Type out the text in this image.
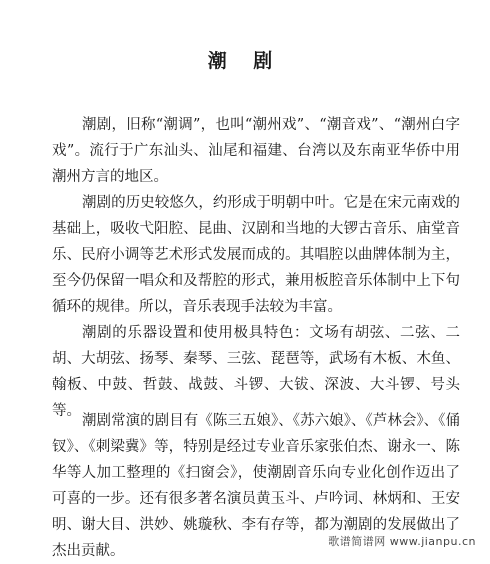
潮 剧
潮剧，旧称“潮调”，也叫“潮州戏”、“潮音戏”、“潮州白字
戏”。流行于广东汕头、汕尾和福建、台湾以及东南亚华侨中用
潮州方言的地区。
潮剧的历史较悠久，约形成于明朝中叶。它是在宋元南戏的
基础上，吸收弋阳腔、昆曲、汉剧和当地的大锣古音乐、庙堂音
乐、民府小调等艺术形式发展而成的。其唱腔以曲牌体制为主，
至今仍保留一唱众和及帮腔的形式，兼用板腔音乐体制中上下句
循环的规律。所以，音乐表现手法较为丰富。
潮剧的乐器设置和使用极具特色：文场有胡弦、二弦、二
胡、大胡弦、扬琴、秦琴、三弦、琵琶等，武场有木板、木鱼、
翰板、中鼓、哲鼓、战鼓、斗锣、大钹、深波、大斗锣、号头
等。
潮剧常演的剧目有《陈三五娘》、《苏六娘》、《芦林会》、《俑
钗》、《刺梁冀》等，特别是经过专业音乐家张伯杰、谢永一、陈
华等人加工整理的《扫窗会》，使潮剧音乐向专业化创作迈出了
可喜的一步。还有很多著名演员黄玉斗、卢吟词、林炳和、王安
明、谢大目、洪妙、姚璇秋、李有存等，都为潮剧的发展做出了
杰出贡献。
歌谱简谱网 www.jianpu.cn
